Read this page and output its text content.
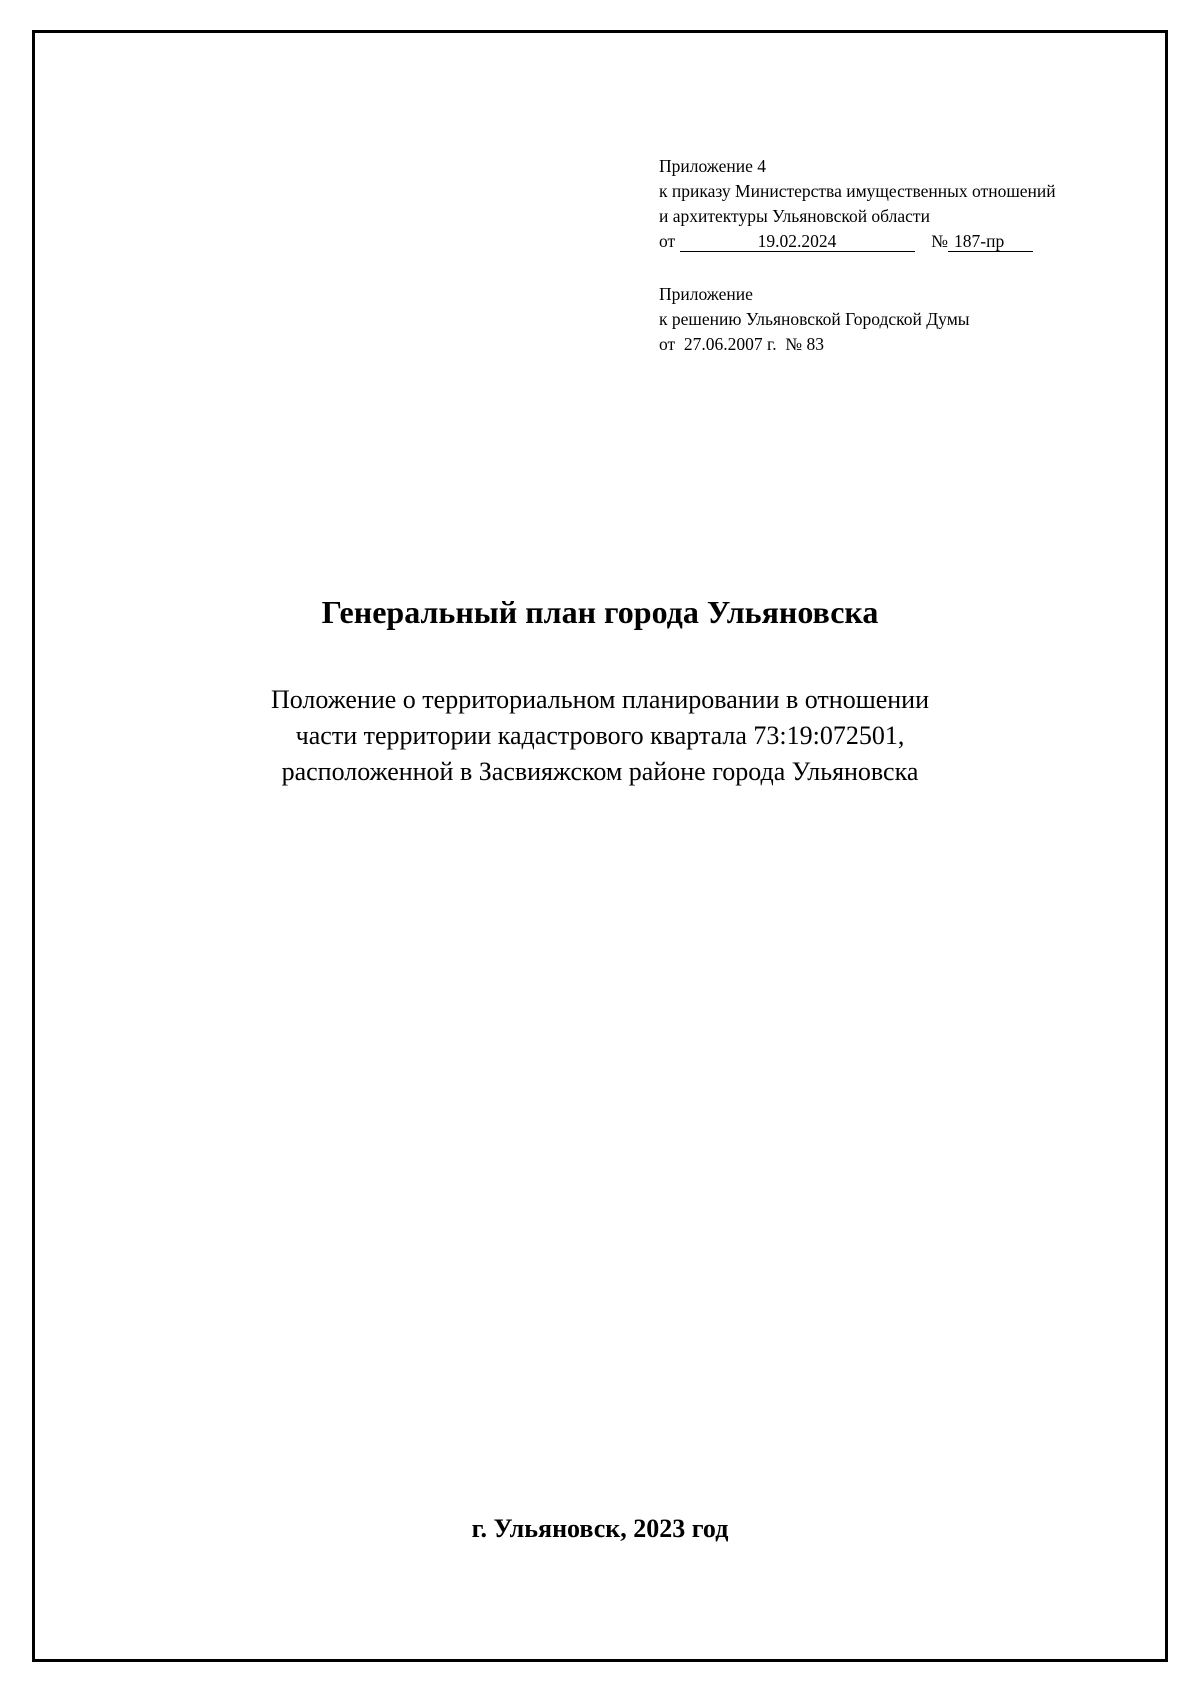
Приложение 4
к приказу Министерства имущественных отношений
и архитектуры Ульяновской области
от	19.02.2024	№ 187-пр
Приложение
к решению Ульяновской Городской Думы
от  27.06.2007 г.  № 83
Генеральный план города Ульяновска
Положение о территориальном планировании в отношении
части территории кадастрового квартала 73:19:072501,
расположенной в Засвияжском районе города Ульяновска
г. Ульяновск, 2023 год
